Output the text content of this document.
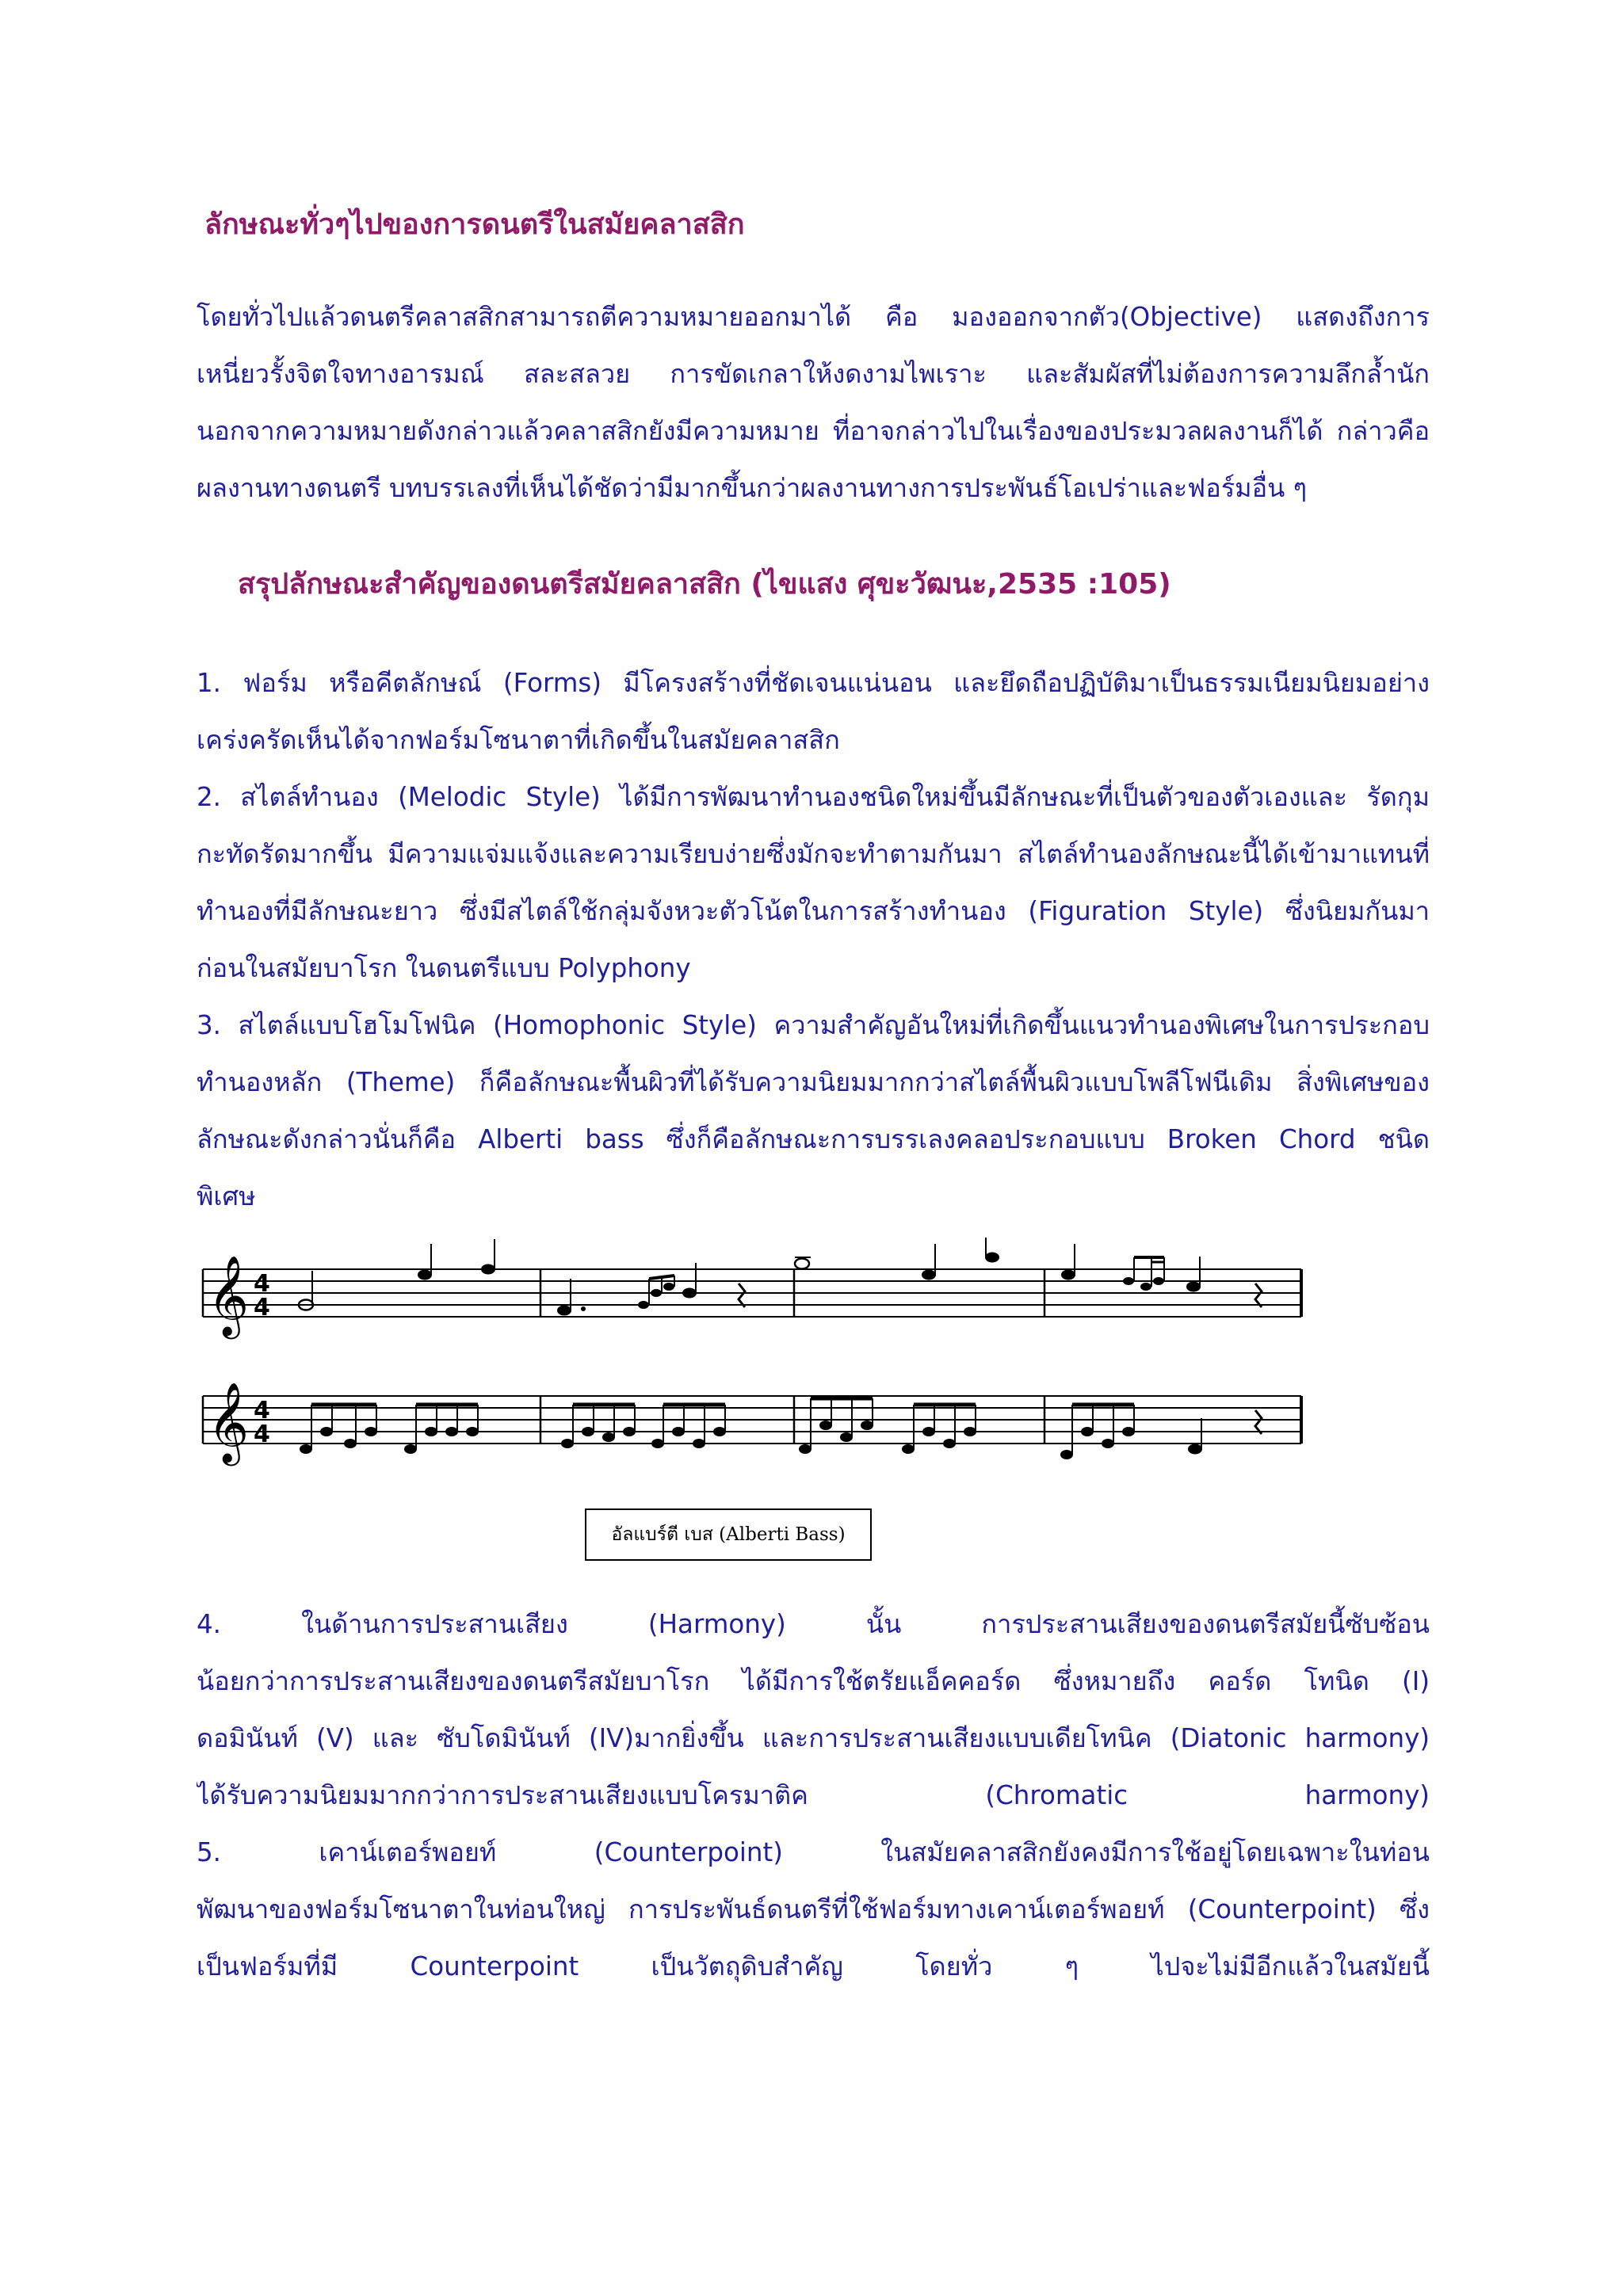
ลักษณะทั่วๆไปของการดนตรีในสมัยคลาสสิก
โดยทั่วไปแล้วดนตรีคลาสสิกสามารถตีความหมายออกมาได้ คือ มองออกจากตัว(Objective) แสดงถึงการ
เหนี่ยวรั้งจิตใจทางอารมณ์ สละสลวย การขัดเกลาให้งดงามไพเราะ และสัมผัสที่ไม่ต้องการความลึกล้ำนัก
นอกจากความหมายดังกล่าวแล้วคลาสสิกยังมีความหมาย ที่อาจกล่าวไปในเรื่องของประมวลผลงานก็ได้ กล่าวคือ
ผลงานทางดนตรี บทบรรเลงที่เห็นได้ชัดว่ามีมากขึ้นกว่าผลงานทางการประพันธ์โอเปร่าและฟอร์มอื่น ๆ
สรุปลักษณะสำคัญของดนตรีสมัยคลาสสิก (ไขแสง ศุขะวัฒนะ,2535 :105)
1. ฟอร์ม หรือคีตลักษณ์ (Forms) มีโครงสร้างที่ชัดเจนแน่นอน และยึดถือปฏิบัติมาเป็นธรรมเนียมนิยมอย่าง
เคร่งครัดเห็นได้จากฟอร์มโซนาตาที่เกิดขึ้นในสมัยคลาสสิก
2. สไตล์ทำนอง (Melodic Style) ได้มีการพัฒนาทำนองชนิดใหม่ขึ้นมีลักษณะที่เป็นตัวของตัวเองและ รัดกุม
กะทัดรัดมากขึ้น มีความแจ่มแจ้งและความเรียบง่ายซึ่งมักจะทำตามกันมา สไตล์ทำนองลักษณะนี้ได้เข้ามาแทนที่
ทำนองที่มีลักษณะยาว ซึ่งมีสไตล์ใช้กลุ่มจังหวะตัวโน้ตในการสร้างทำนอง (Figuration Style) ซึ่งนิยมกันมา
ก่อนในสมัยบาโรก ในดนตรีแบบ Polyphony
3. สไตล์แบบโฮโมโฟนิค (Homophonic Style) ความสำคัญอันใหม่ที่เกิดขึ้นแนวทำนองพิเศษในการประกอบ
ทำนองหลัก (Theme) ก็คือลักษณะพื้นผิวที่ได้รับความนิยมมากกว่าสไตล์พื้นผิวแบบโพลีโฟนีเดิม สิ่งพิเศษของ
ลักษณะดังกล่าวนั่นก็คือ Alberti bass ซึ่งก็คือลักษณะการบรรเลงคลอประกอบแบบ Broken Chord ชนิด
พิเศษ
𝄞
𝄞
4
4
4
4
อัลแบร์ตี เบส (Alberti Bass)
4. ในด้านการประสานเสียง (Harmony) นั้น การประสานเสียงของดนตรีสมัยนี้ซับซ้อน
น้อยกว่าการประสานเสียงของดนตรีสมัยบาโรก ได้มีการใช้ตรัยแอ็คคอร์ด ซึ่งหมายถึง คอร์ด โทนิด (I)
ดอมินันท์ (V) และ ซับโดมินันท์ (IV)มากยิ่งขึ้น และการประสานเสียงแบบเดียโทนิค (Diatonic harmony)
ได้รับความนิยมมากกว่าการประสานเสียงแบบโครมาติค (Chromatic harmony)
5. เคาน์เตอร์พอยท์ (Counterpoint) ในสมัยคลาสสิกยังคงมีการใช้อยู่โดยเฉพาะในท่อน
พัฒนาของฟอร์มโซนาตาในท่อนใหญ่ การประพันธ์ดนตรีที่ใช้ฟอร์มทางเคาน์เตอร์พอยท์ (Counterpoint) ซึ่ง
เป็นฟอร์มที่มี Counterpoint เป็นวัตถุดิบสำคัญ โดยทั่ว ๆ ไปจะไม่มีอีกแล้วในสมัยนี้
